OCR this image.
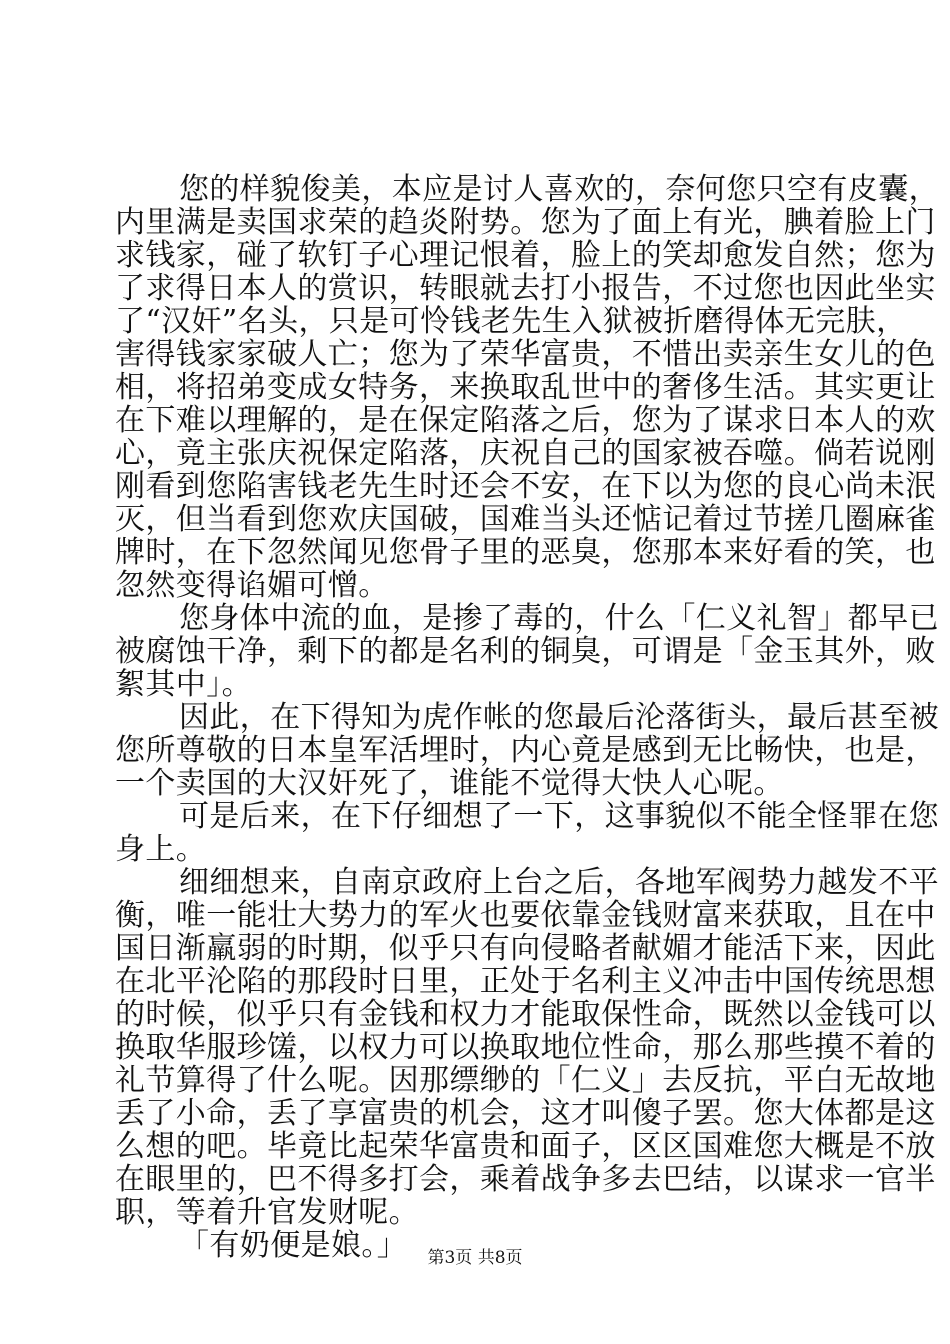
您的样貌俊美，本应是讨人喜欢的，奈何您只空有皮囊，
内里满是卖国求荣的趋炎附势。您为了面上有光，腆着脸上门
求钱家，碰了软钉子心理记恨着，脸上的笑却愈发自然；您为
了求得日本人的赏识，转眼就去打小报告，不过您也因此坐实
了“汉奸”名头，只是可怜钱老先生入狱被折磨得体无完肤，
害得钱家家破人亡；您为了荣华富贵，不惜出卖亲生女儿的色
相，将招弟变成女特务，来换取乱世中的奢侈生活。其实更让
在下难以理解的，是在保定陷落之后，您为了谋求日本人的欢
心，竟主张庆祝保定陷落，庆祝自己的国家被吞噬。倘若说刚
刚看到您陷害钱老先生时还会不安，在下以为您的良心尚未泯
灭，但当看到您欢庆国破，国难当头还惦记着过节搓几圈麻雀
牌时，在下忽然闻见您骨子里的恶臭，您那本来好看的笑，也
忽然变得谄媚可憎。
您身体中流的血，是掺了毒的，什么「仁义礼智」都早已
被腐蚀干净，剩下的都是名利的铜臭，可谓是「金玉其外，败
絮其中」。
因此，在下得知为虎作帐的您最后沦落街头，最后甚至被
您所尊敬的日本皇军活埋时，内心竟是感到无比畅快，也是，
一个卖国的大汉奸死了，谁能不觉得大快人心呢。
可是后来，在下仔细想了一下，这事貌似不能全怪罪在您
身上。
细细想来，自南京政府上台之后，各地军阀势力越发不平
衡，唯一能壮大势力的军火也要依靠金钱财富来获取，且在中
国日渐羸弱的时期，似乎只有向侵略者献媚才能活下来，因此
在北平沦陷的那段时日里，正处于名利主义冲击中国传统思想
的时候，似乎只有金钱和权力才能取保性命，既然以金钱可以
换取华服珍馐，以权力可以换取地位性命，那么那些摸不着的
礼节算得了什么呢。因那缥缈的「仁义」去反抗，平白无故地
丢了小命，丢了享富贵的机会，这才叫傻子罢。您大体都是这
么想的吧。毕竟比起荣华富贵和面子，区区国难您大概是不放
在眼里的，巴不得多打会，乘着战争多去巴结，以谋求一官半
职，等着升官发财呢。
「有奶便是娘。」	第3页 共8页
